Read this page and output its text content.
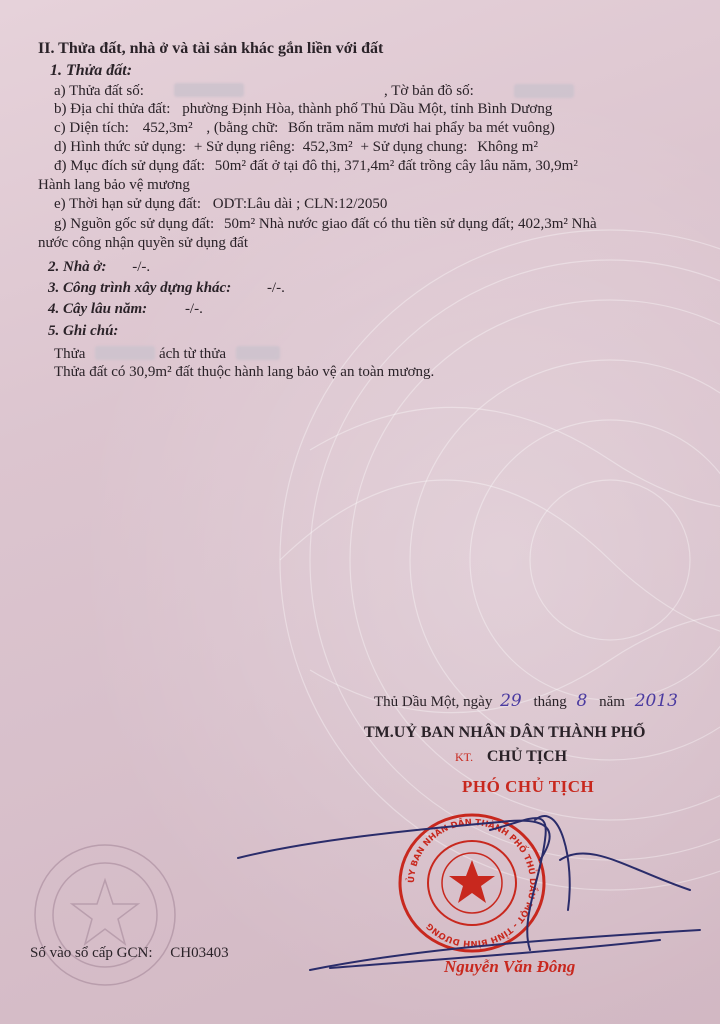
II. Thửa đất, nhà ở và tài sản khác gắn liền với đất
1. Thửa đất:
a) Thửa đất số:	, Tờ bản đồ số:
b) Địa chỉ thửa đất: phường Định Hòa, thành phố Thủ Dầu Một, tỉnh Bình Dương
c) Diện tích: 452,3m² , (bằng chữ: Bốn trăm năm mươi hai phẩy ba mét vuông)
d) Hình thức sử dụng: + Sử dụng riêng: 452,3m² + Sử dụng chung: Không m²
đ) Mục đích sử dụng đất: 50m² đất ở tại đô thị, 371,4m² đất trồng cây lâu năm, 30,9m²
Hành lang bảo vệ mương
e) Thời hạn sử dụng đất: ODT:Lâu dài ; CLN:12/2050
g) Nguồn gốc sử dụng đất: 50m² Nhà nước giao đất có thu tiền sử dụng đất; 402,3m² Nhà
nước công nhận quyền sử dụng đất
2. Nhà ở: -/-.
3. Công trình xây dựng khác: -/-.
4. Cây lâu năm:	-/-.
5. Ghi chú:
Thửa	ách từ thửa
Thửa đất có 30,9m² đất thuộc hành lang bảo vệ an toàn mương.
Thủ Dầu Một, ngày 29 tháng 8 năm 2013
TM.UỶ BAN NHÂN DÂN THÀNH PHỐ
KT. CHỦ TỊCH
PHÓ CHỦ TỊCH
ỦY BAN NHÂN DÂN THÀNH PHỐ THỦ DẦU MỘT - TỈNH BÌNH DƯƠNG
Nguyễn Văn Đông
Số vào sổ cấp GCN: CH03403
